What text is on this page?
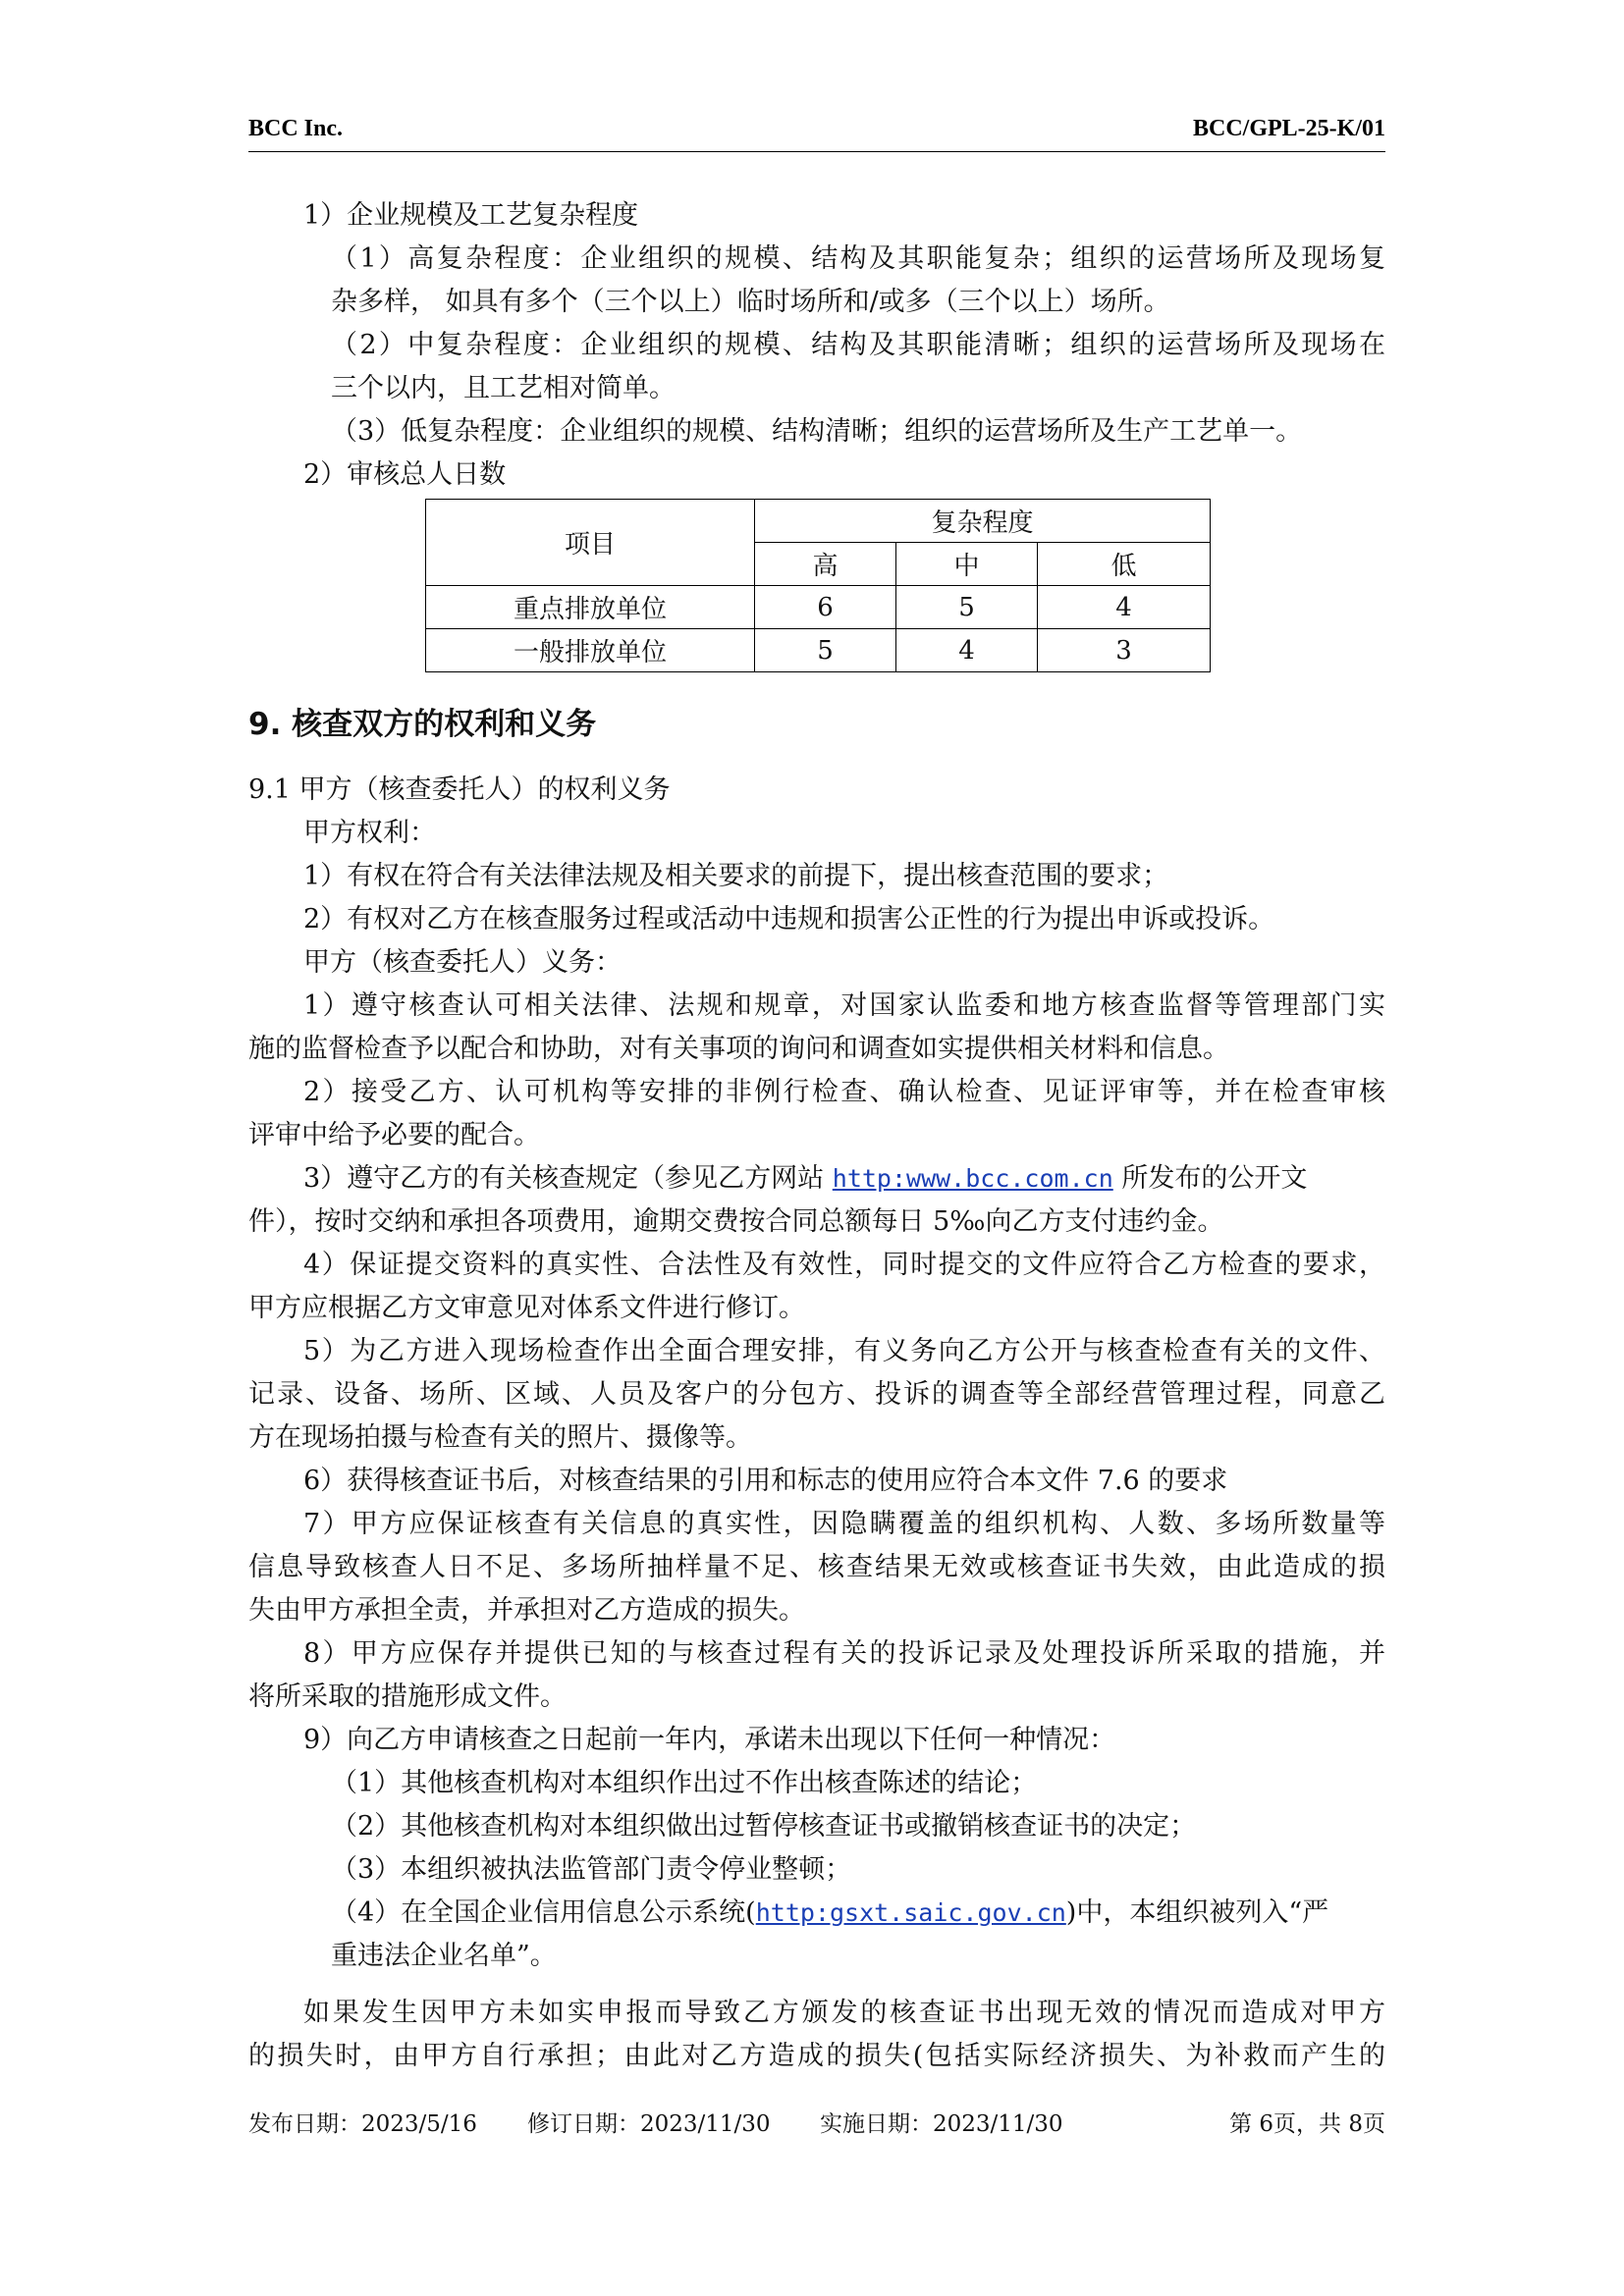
BCC Inc.	BCC/GPL-25-K/01
1）企业规模及工艺复杂程度
（1）高复杂程度：企业组织的规模、结构及其职能复杂；组织的运营场所及现场复
杂多样， 如具有多个（三个以上）临时场所和/或多（三个以上）场所。
（2）中复杂程度：企业组织的规模、结构及其职能清晰；组织的运营场所及现场在
三个以内，且工艺相对简单。
（3）低复杂程度：企业组织的规模、结构清晰；组织的运营场所及生产工艺单一。
2）审核总人日数
项目	复杂程度		
	高	中	低
重点排放单位	6	5	4
一般排放单位	5	4	3
9. 核查双方的权利和义务
9.1 甲方（核查委托人）的权利义务
甲方权利：
1）有权在符合有关法律法规及相关要求的前提下，提出核查范围的要求；
2）有权对乙方在核查服务过程或活动中违规和损害公正性的行为提出申诉或投诉。
甲方（核查委托人）义务：
1）遵守核查认可相关法律、法规和规章，对国家认监委和地方核查监督等管理部门实
施的监督检查予以配合和协助，对有关事项的询问和调查如实提供相关材料和信息。
2）接受乙方、认可机构等安排的非例行检查、确认检查、见证评审等，并在检查审核
评审中给予必要的配合。
3）遵守乙方的有关核查规定（参见乙方网站 http:www.bcc.com.cn 所发布的公开文
件），按时交纳和承担各项费用，逾期交费按合同总额每日 5‰向乙方支付违约金。
4）保证提交资料的真实性、合法性及有效性，同时提交的文件应符合乙方检查的要求，
甲方应根据乙方文审意见对体系文件进行修订。
5）为乙方进入现场检查作出全面合理安排，有义务向乙方公开与核查检查有关的文件、
记录、设备、场所、区域、人员及客户的分包方、投诉的调查等全部经营管理过程，同意乙
方在现场拍摄与检查有关的照片、摄像等。
6）获得核查证书后，对核查结果的引用和标志的使用应符合本文件 7.6 的要求
7）甲方应保证核查有关信息的真实性，因隐瞒覆盖的组织机构、人数、多场所数量等
信息导致核查人日不足、多场所抽样量不足、核查结果无效或核查证书失效，由此造成的损
失由甲方承担全责，并承担对乙方造成的损失。
8）甲方应保存并提供已知的与核查过程有关的投诉记录及处理投诉所采取的措施，并
将所采取的措施形成文件。
9）向乙方申请核查之日起前一年内，承诺未出现以下任何一种情况：
（1）其他核查机构对本组织作出过不作出核查陈述的结论；
（2）其他核查机构对本组织做出过暂停核查证书或撤销核查证书的决定；
（3）本组织被执法监管部门责令停业整顿；
（4）在全国企业信用信息公示系统(http:gsxt.saic.gov.cn)中，本组织被列入“严
重违法企业名单”。
如果发生因甲方未如实申报而导致乙方颁发的核查证书出现无效的情况而造成对甲方
的损失时，由甲方自行承担；由此对乙方造成的损失(包括实际经济损失、为补救而产生的
发布日期：2023/5/16 修订日期：2023/11/30 实施日期：2023/11/30	第 6页，共 8页
